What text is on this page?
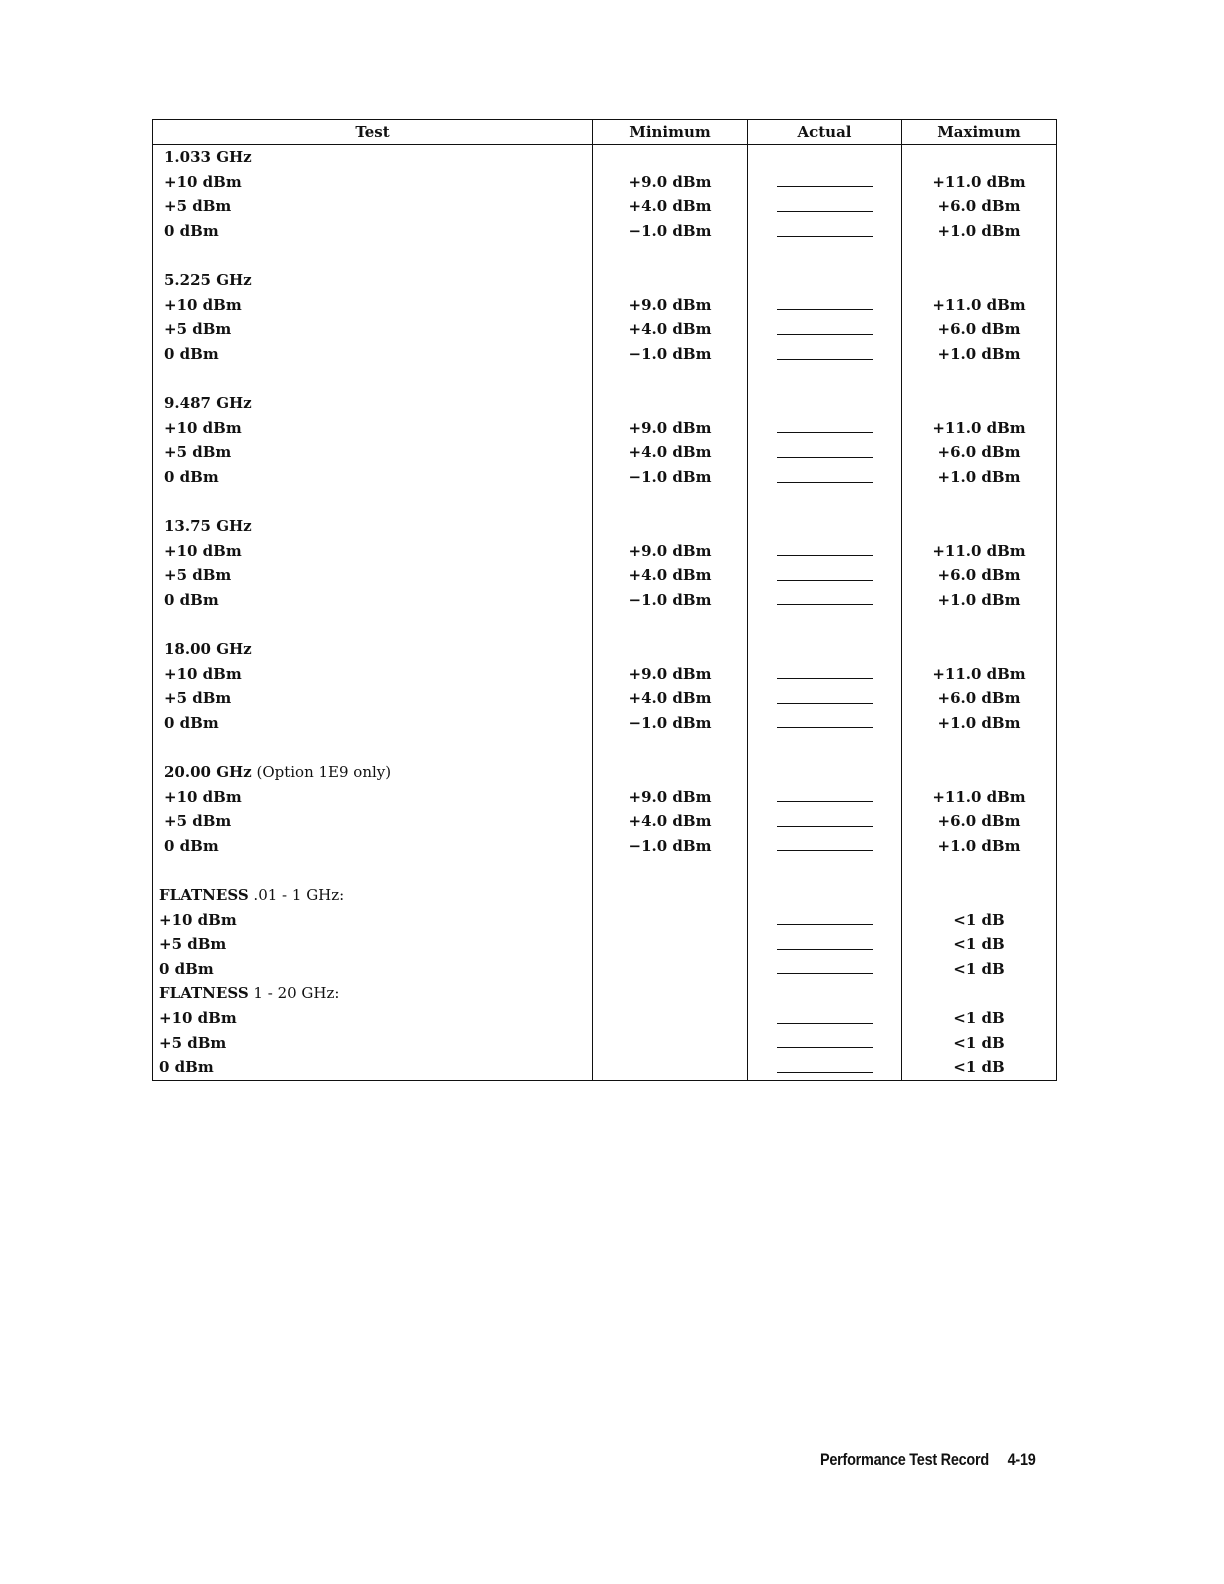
Test	Minimum	Actual	Maximum
1.033 GHz			
+10 dBm	+9.0 dBm		+11.0 dBm
+5 dBm	+4.0 dBm		+6.0 dBm
0 dBm	−1.0 dBm		+1.0 dBm

5.225 GHz			
+10 dBm	+9.0 dBm		+11.0 dBm
+5 dBm	+4.0 dBm		+6.0 dBm
0 dBm	−1.0 dBm		+1.0 dBm

9.487 GHz			
+10 dBm	+9.0 dBm		+11.0 dBm
+5 dBm	+4.0 dBm		+6.0 dBm
0 dBm	−1.0 dBm		+1.0 dBm

13.75 GHz			
+10 dBm	+9.0 dBm		+11.0 dBm
+5 dBm	+4.0 dBm		+6.0 dBm
0 dBm	−1.0 dBm		+1.0 dBm

18.00 GHz			
+10 dBm	+9.0 dBm		+11.0 dBm
+5 dBm	+4.0 dBm		+6.0 dBm
0 dBm	−1.0 dBm		+1.0 dBm

20.00 GHz (Option 1E9 only)			
+10 dBm	+9.0 dBm		+11.0 dBm
+5 dBm	+4.0 dBm		+6.0 dBm
0 dBm	−1.0 dBm		+1.0 dBm

FLATNESS .01 - 1 GHz:			
+10 dBm			<1 dB
+5 dBm			<1 dB
0 dBm			<1 dB
FLATNESS 1 - 20 GHz:			
+10 dBm			<1 dB
+5 dBm			<1 dB
0 dBm			<1 dB
Performance Test Record 4-19
